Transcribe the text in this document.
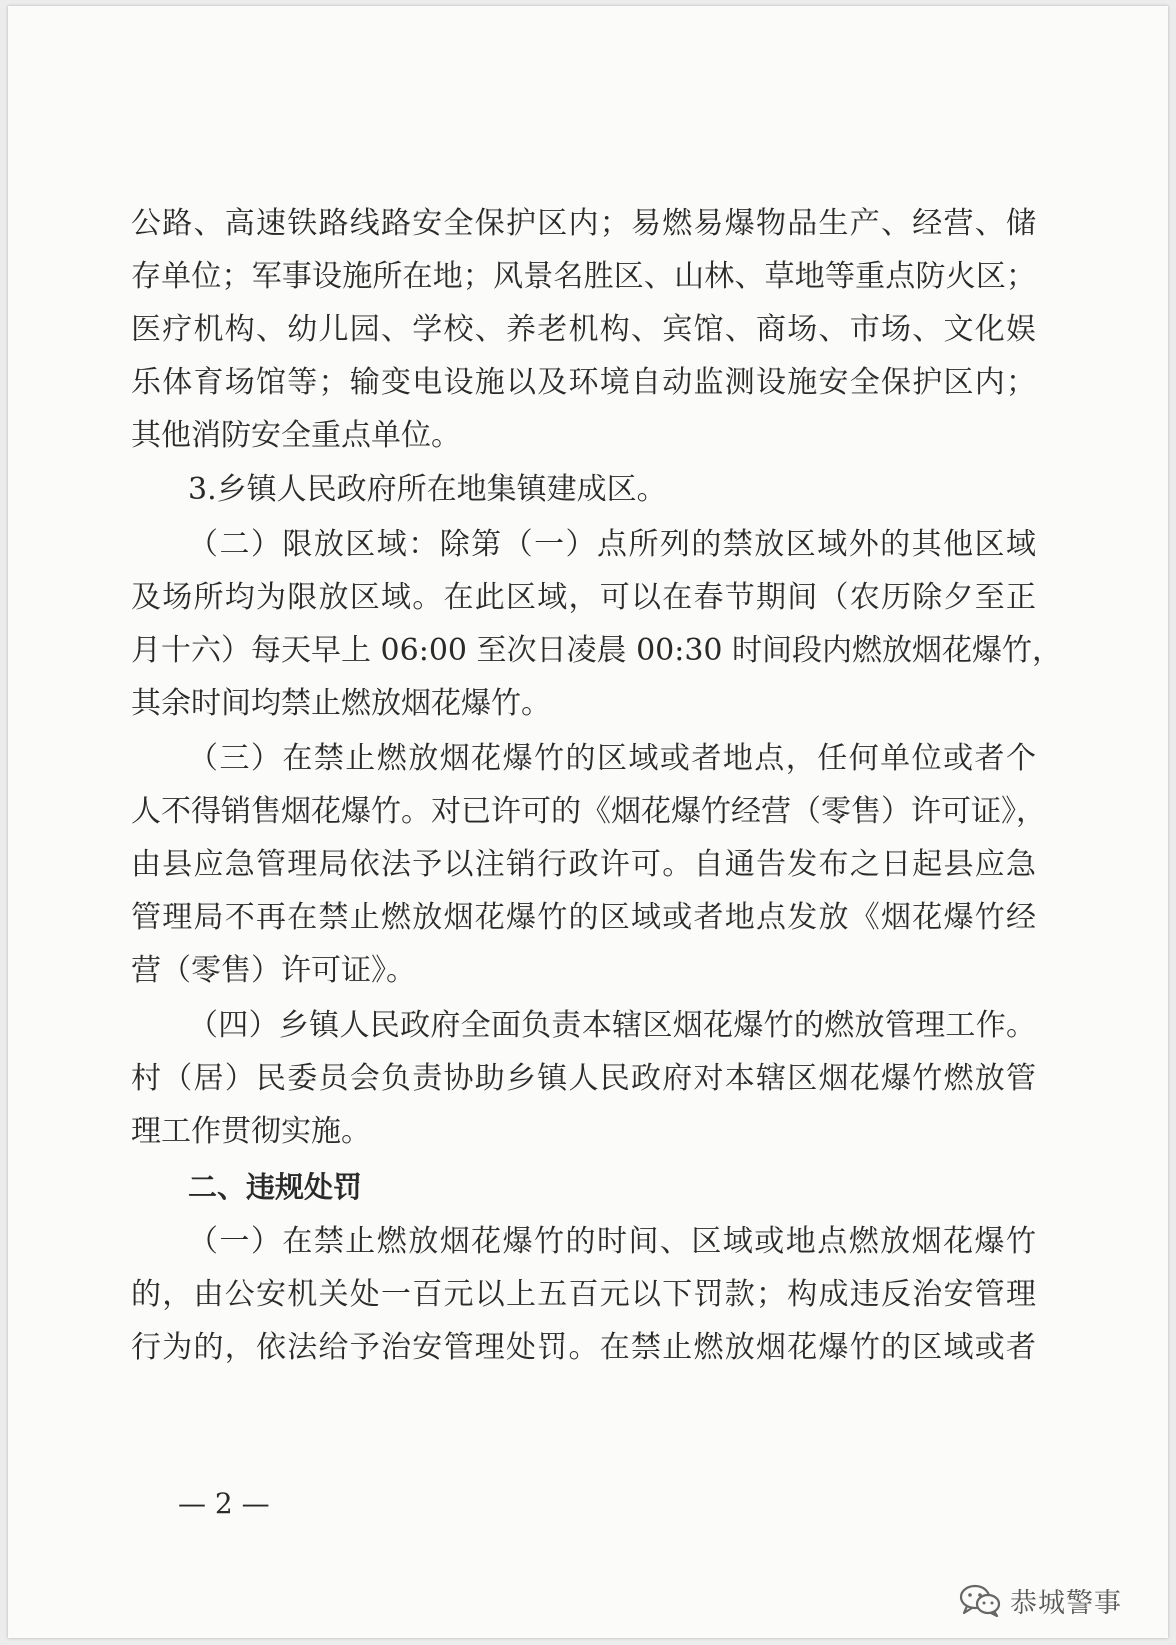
公路、高速铁路线路安全保护区内；易燃易爆物品生产、经营、储
存单位；军事设施所在地；风景名胜区、山林、草地等重点防火区；
医疗机构、幼儿园、学校、养老机构、宾馆、商场、市场、文化娱
乐体育场馆等；输变电设施以及环境自动监测设施安全保护区内；
其他消防安全重点单位。
3.乡镇人民政府所在地集镇建成区。
（二）限放区域：除第（一）点所列的禁放区域外的其他区域
及场所均为限放区域。在此区域，可以在春节期间（农历除夕至正
月十六）每天早上 06:00 至次日凌晨 00:30 时间段内燃放烟花爆竹，
其余时间均禁止燃放烟花爆竹。
（三）在禁止燃放烟花爆竹的区域或者地点，任何单位或者个
人不得销售烟花爆竹。对已许可的《烟花爆竹经营（零售）许可证》，
由县应急管理局依法予以注销行政许可。自通告发布之日起县应急
管理局不再在禁止燃放烟花爆竹的区域或者地点发放《烟花爆竹经
营（零售）许可证》。
（四）乡镇人民政府全面负责本辖区烟花爆竹的燃放管理工作。
村（居）民委员会负责协助乡镇人民政府对本辖区烟花爆竹燃放管
理工作贯彻实施。
二、违规处罚
（一）在禁止燃放烟花爆竹的时间、区域或地点燃放烟花爆竹
的，由公安机关处一百元以上五百元以下罚款；构成违反治安管理
行为的，依法给予治安管理处罚。在禁止燃放烟花爆竹的区域或者
— 2 —
恭城警事
